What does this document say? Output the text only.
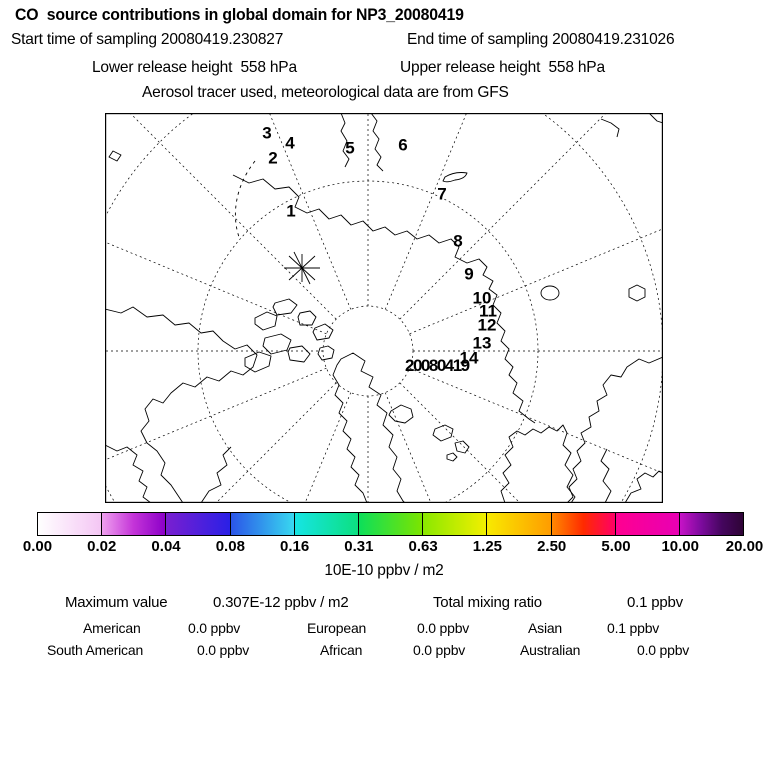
CO  source contributions in global domain for NP3_20080419
Start time of sampling 20080419.230827	End time of sampling 20080419.231026
Lower release height  558 hPa	Upper release height  558 hPa
Aerosol tracer used, meteorological data are from GFS
1
2
3
4	5	6
7
8
9
10
11
12
13
14
20080419
0.00 0.02 0.04 0.08 0.16 0.31 0.63 1.25 2.50 5.00 10.00 20.00
10E-10 ppbv / m2
Maximum value	0.307E-12 ppbv / m2	Total mixing ratio	0.1 ppbv
American	0.0 ppbv	European	0.0 ppbv	Asian	0.1 ppbv
South American	0.0 ppbv	African	0.0 ppbv	Australian	0.0 ppbv
